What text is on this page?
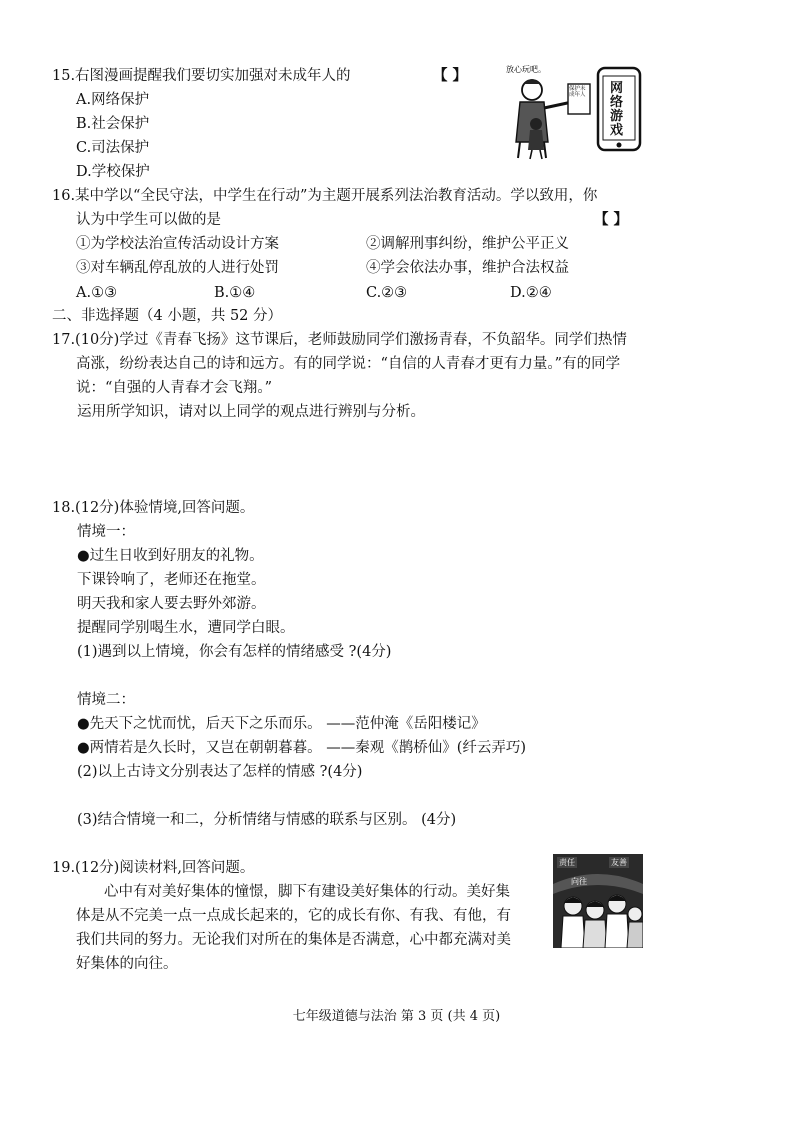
15.右图漫画提醒我们要切实加强对未成年人的	【 】
A.网络保护
B.社会保护
C.司法保护
D.学校保护
放心玩吧。
保护未成年人 网络游戏
16.某中学以“全民守法，中学生在行动”为主题开展系列法治教育活动。学以致用，你
认为中学生可以做的是	【 】
①为学校法治宣传活动设计方案	②调解刑事纠纷，维护公平正义
③对车辆乱停乱放的人进行处罚	④学会依法办事，维护合法权益
A.①③	B.①④	C.②③	D.②④
二、非选择题（4 小题，共 52 分）
17.(10分)学过《青春飞扬》这节课后，老师鼓励同学们激扬青春，不负韶华。同学们热情
高涨，纷纷表达自己的诗和远方。有的同学说：“自信的人青春才更有力量。”有的同学
说：“自强的人青春才会飞翔。”
运用所学知识，请对以上同学的观点进行辨别与分析。
18.(12分)体验情境,回答问题。
情境一：
●过生日收到好朋友的礼物。
下课铃响了，老师还在拖堂。
明天我和家人要去野外郊游。
提醒同学别喝生水，遭同学白眼。
(1)遇到以上情境，你会有怎样的情绪感受 ?(4分)
情境二：
●先天下之忧而忧，后天下之乐而乐。 ——范仲淹《岳阳楼记》
●两情若是久长时，又岂在朝朝暮暮。 ——秦观《鹊桥仙》(纤云弄巧)
(2)以上古诗文分别表达了怎样的情感 ?(4分)
(3)结合情境一和二，分析情绪与情感的联系与区别。 (4分)
19.(12分)阅读材料,回答问题。
心中有对美好集体的憧憬，脚下有建设美好集体的行动。美好集
体是从不完美一点一点成长起来的，它的成长有你、有我、有他，有
我们共同的努力。无论我们对所在的集体是否满意，心中都充满对美
好集体的向往。
责任	友善
向往
七年级道德与法治 第 3 页 (共 4 页)
